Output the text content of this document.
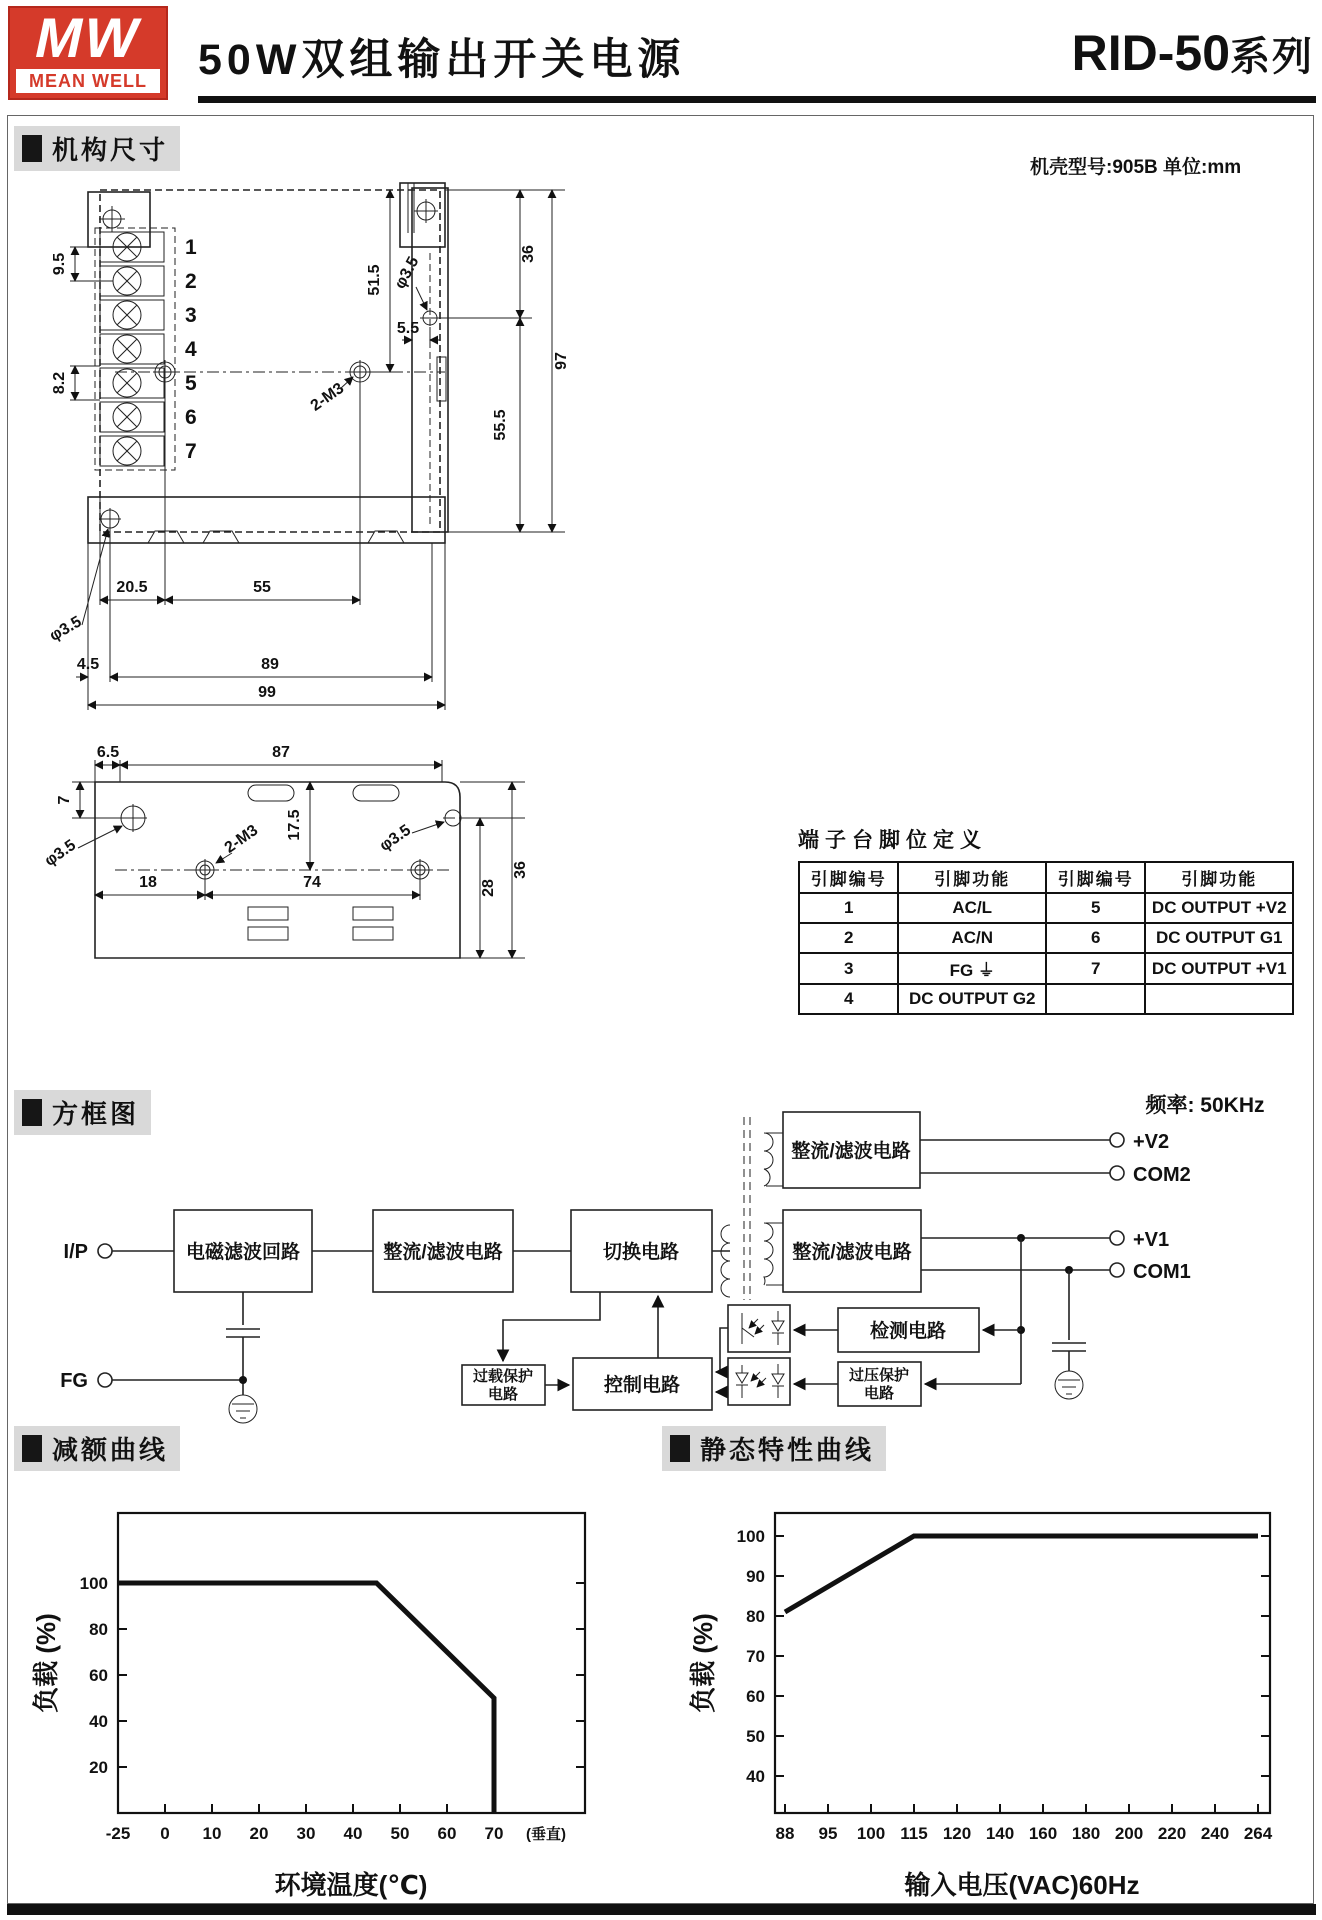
MW
MEAN WELL 50W双组输出开关电源	RID-50 系列
机构尺寸
机壳型号:905B 单位:mm
方框图
减额曲线	静态特性曲线
1
2
3
4
5
6
7
9.5
8.2
51.5 φ3.5
5.5
36
55.5
97
2-M3
20.5	55
φ3.5
4.5	89
99
6.5	87
7
φ3.5	2-M3 17.5	φ3.5
18	74	28
36
端子台脚位定义
引脚编号	引脚功能	引脚编号	引脚功能
1	AC/L	5	DC OUTPUT +V2
2	AC/N	6	DC OUTPUT G1
3	FG ⏚	7	DC OUTPUT +V1
4	DC OUTPUT G2		
频率: 50KHz
I/P
FG
电磁滤波回路	整流/滤波电路	切换电路
整流/滤波电路
整流/滤波电路
检测电路
过压保护
电路
控制电路
过载保护
电路
+V2
COM2
+V1
COM1
20
40
60
80
100
-25 0 10 20 30 40 50 60 70 (垂直)
负载 (%)
环境温度(℃)
40
50
60
70
80
90
100
88 95 100 115 120 140 160 180 200 220 240 264
负载 (%)
输入电压(VAC)60Hz
